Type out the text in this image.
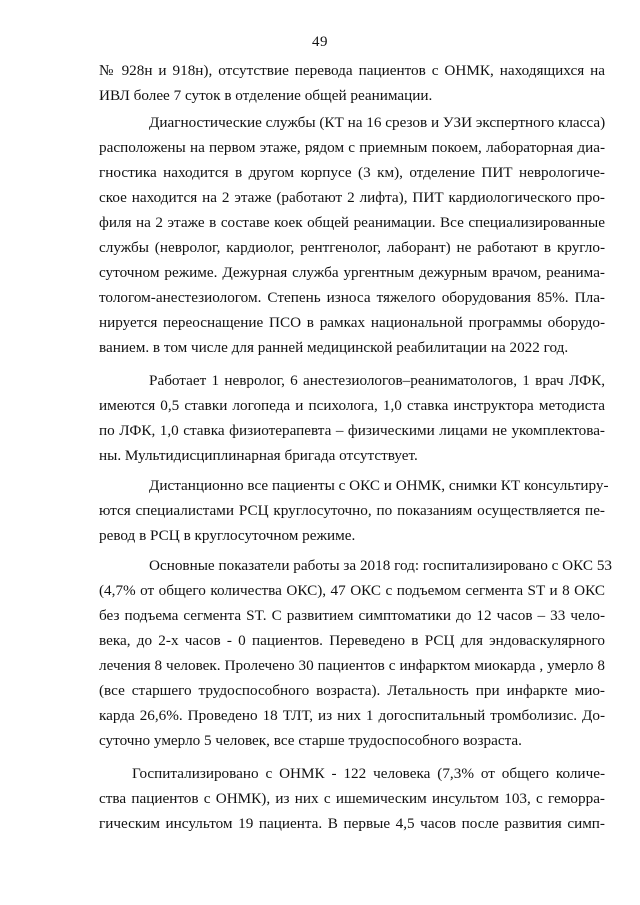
49
№ 928н и 918н), отсутствие перевода пациентов с ОНМК, находящихся на
ИВЛ более 7 суток в отделение общей реанимации.
Диагностические службы (КТ на 16 срезов и УЗИ экспертного класса)
расположены на первом этаже, рядом с приемным покоем, лабораторная диа-
гностика находится в другом корпусе (3 км), отделение ПИТ неврологиче-
ское находится на 2 этаже (работают 2 лифта), ПИТ кардиологического про-
филя на 2 этаже в составе коек общей реанимации. Все специализированные
службы (невролог, кардиолог, рентгенолог, лаборант) не работают в кругло-
суточном режиме. Дежурная служба ургентным дежурным врачом, реанима-
тологом-анестезиологом. Степень износа тяжелого оборудования 85%. Пла-
нируется переоснащение ПСО в рамках национальной программы оборудо-
ванием. в том числе для ранней медицинской реабилитации на 2022 год.
Работает 1 невролог, 6 анестезиологов–реаниматологов, 1 врач ЛФК,
имеются 0,5 ставки логопеда и психолога, 1,0 ставка инструктора методиста
по ЛФК, 1,0 ставка физиотерапевта – физическими лицами не укомплектова-
ны. Мультидисциплинарная бригада отсутствует.
Дистанционно все пациенты с ОКС и ОНМК, снимки КТ консультиру-
ются специалистами РСЦ круглосуточно, по показаниям осуществляется пе-
ревод в РСЦ в круглосуточном режиме.
Основные показатели работы за 2018 год: госпитализировано с ОКС 53
(4,7% от общего количества ОКС), 47 ОКС с подъемом сегмента ST и 8 ОКС
без подъема сегмента ST. С развитием симптоматики до 12 часов – 33 чело-
века, до 2-х часов - 0 пациентов. Переведено в РСЦ для эндоваскулярного
лечения 8 человек. Пролечено 30 пациентов с инфарктом миокарда , умерло 8
(все старшего трудоспособного возраста). Летальность при инфаркте мио-
карда 26,6%. Проведено 18 ТЛТ, из них 1 догоспитальный тромболизис. До-
суточно умерло 5 человек, все старше трудоспособного возраста.
Госпитализировано с ОНМК - 122 человека (7,3% от общего количе-
ства пациентов с ОНМК), из них с ишемическим инсультом 103, с геморра-
гическим инсультом 19 пациента. В первые 4,5 часов после развития симп-
